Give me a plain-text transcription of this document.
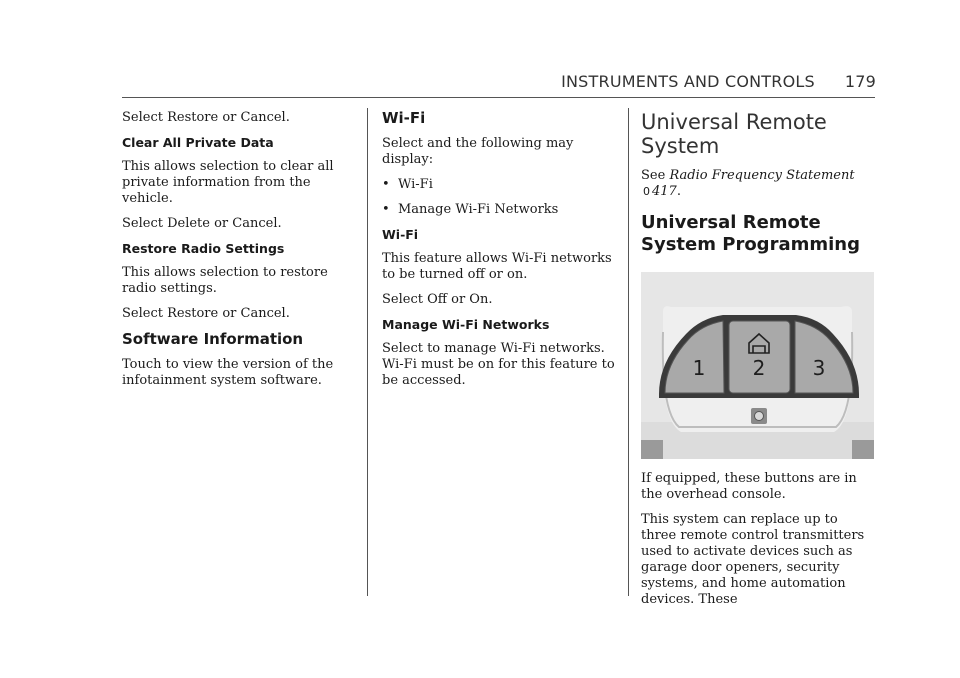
INSTRUMENTS AND CONTROLS 179

Select Restore or Cancel.

Clear All Private Data

This allows selection to clear all private information from the vehicle.

Select Delete or Cancel.

Restore Radio Settings

This allows selection to restore radio settings.

Select Restore or Cancel.

Software Information

Touch to view the version of the infotainment system software.

Wi-Fi

Select and the following may display:

• Wi-Fi
• Manage Wi-Fi Networks
Wi-Fi

This feature allows Wi-Fi networks to be turned off or on.

Select Off or On.

Manage Wi-Fi Networks

Select to manage Wi-Fi networks. Wi-Fi must be on for this feature to be accessed.

Universal Remote System

See Radio Frequency Statement 0 417.

Universal Remote System Programming
1 2 3

If equipped, these buttons are in the overhead console.

This system can replace up to three remote control transmitters used to activate devices such as garage door openers, security systems, and home automation devices. These
